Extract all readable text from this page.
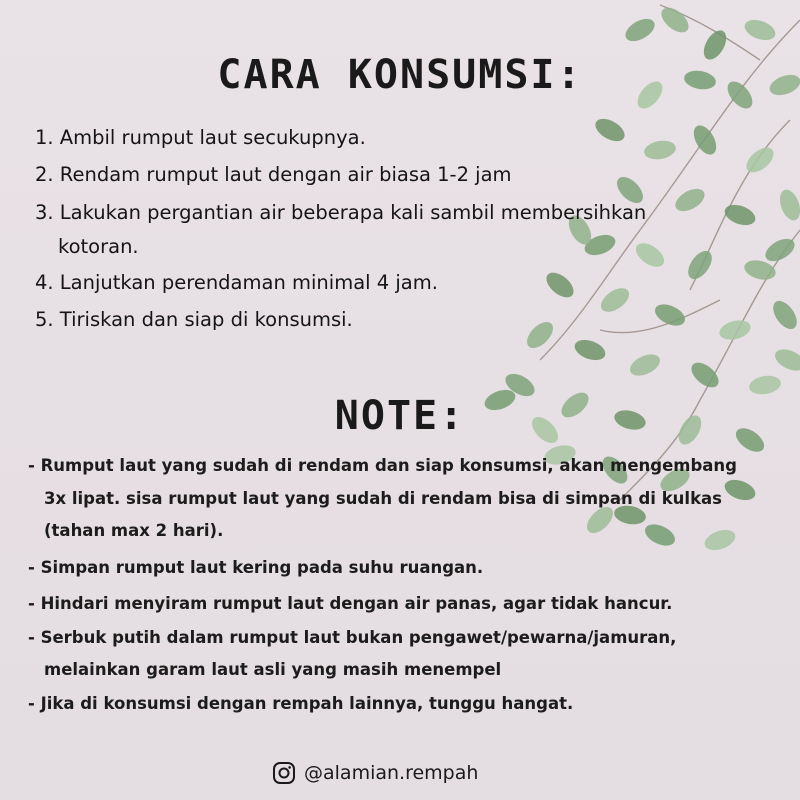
CARA KONSUMSI:
1. Ambil rumput laut secukupnya.
2. Rendam rumput laut dengan air biasa 1-2 jam
3. Lakukan pergantian air beberapa kali sambil membersihkan
kotoran.
4. Lanjutkan perendaman minimal 4 jam.
5. Tiriskan dan siap di konsumsi.
NOTE:
- Rumput laut yang sudah di rendam dan siap konsumsi, akan mengembang
3x lipat. sisa rumput laut yang sudah di rendam bisa di simpan di kulkas
(tahan max 2 hari).
- Simpan rumput laut kering pada suhu ruangan.
- Hindari menyiram rumput laut dengan air panas, agar tidak hancur.
- Serbuk putih dalam rumput laut bukan pengawet/pewarna/jamuran,
melainkan garam laut asli yang masih menempel
- Jika di konsumsi dengan rempah lainnya, tunggu hangat.
@alamian.rempah
